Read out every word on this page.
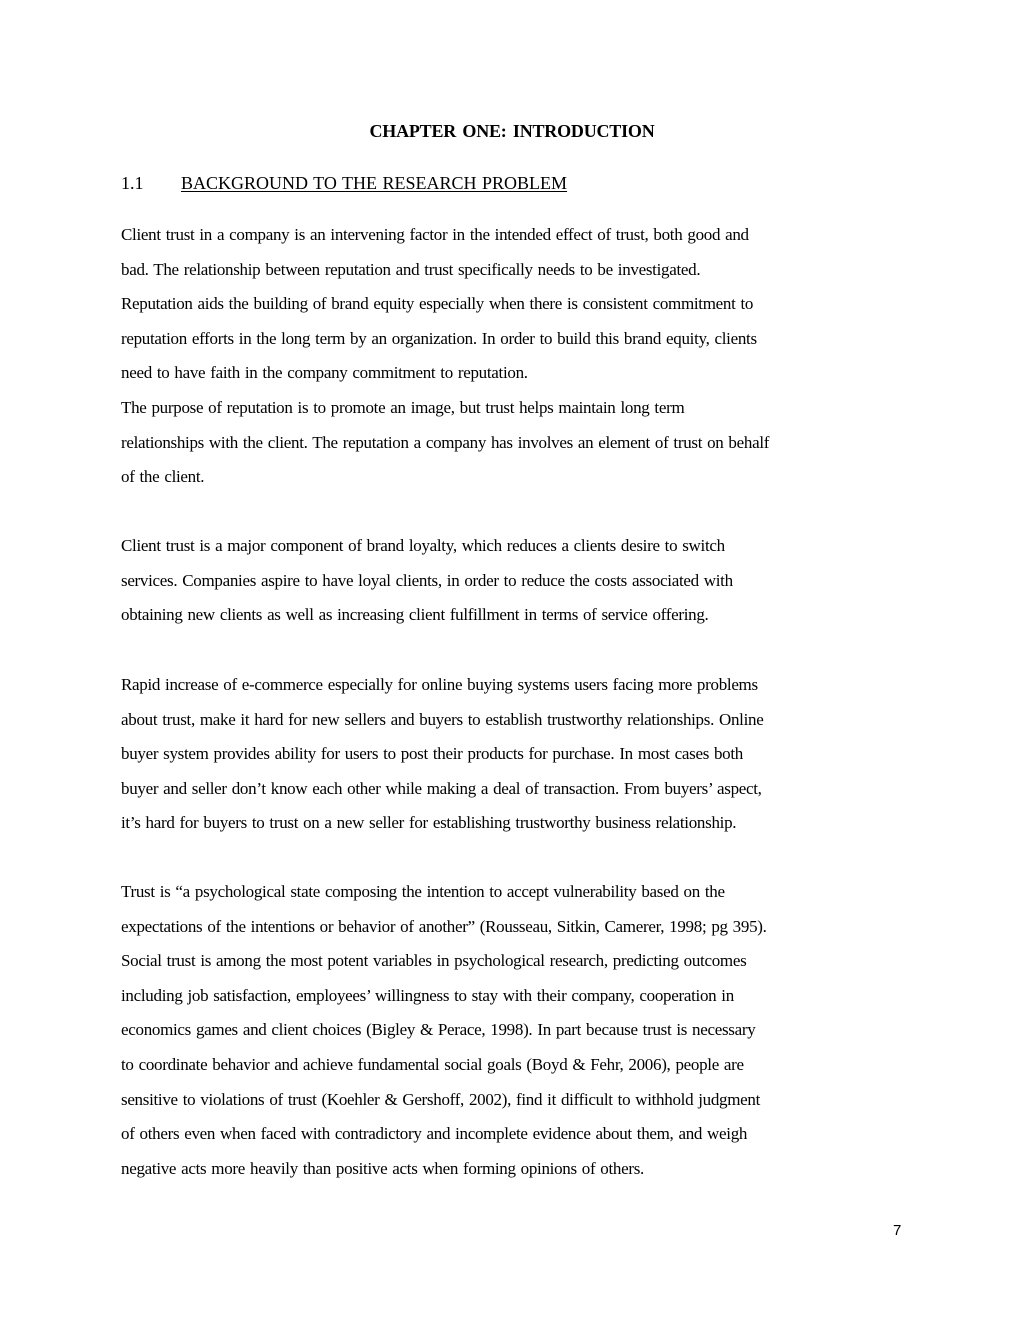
CHAPTER ONE: INTRODUCTION
1.1 BACKGROUND TO THE RESEARCH PROBLEM
Client trust in a company is an intervening factor in the intended effect of trust, both good and
bad. The relationship between reputation and trust specifically needs to be investigated.
Reputation aids the building of brand equity especially when there is consistent commitment to
reputation efforts in the long term by an organization. In order to build this brand equity, clients
need to have faith in the company commitment to reputation.
The purpose of reputation is to promote an image, but trust helps maintain long term
relationships with the client. The reputation a company has involves an element of trust on behalf
of the client.
Client trust is a major component of brand loyalty, which reduces a clients desire to switch
services. Companies aspire to have loyal clients, in order to reduce the costs associated with
obtaining new clients as well as increasing client fulfillment in terms of service offering.
Rapid increase of e-commerce especially for online buying systems users facing more problems
about trust, make it hard for new sellers and buyers to establish trustworthy relationships. Online
buyer system provides ability for users to post their products for purchase. In most cases both
buyer and seller don’t know each other while making a deal of transaction. From buyers’ aspect,
it’s hard for buyers to trust on a new seller for establishing trustworthy business relationship.
Trust is “a psychological state composing the intention to accept vulnerability based on the
expectations of the intentions or behavior of another” (Rousseau, Sitkin, Camerer, 1998; pg 395).
Social trust is among the most potent variables in psychological research, predicting outcomes
including job satisfaction, employees’ willingness to stay with their company, cooperation in
economics games and client choices (Bigley & Perace, 1998). In part because trust is necessary
to coordinate behavior and achieve fundamental social goals (Boyd & Fehr, 2006), people are
sensitive to violations of trust (Koehler & Gershoff, 2002), find it difficult to withhold judgment
of others even when faced with contradictory and incomplete evidence about them, and weigh
negative acts more heavily than positive acts when forming opinions of others.
7
